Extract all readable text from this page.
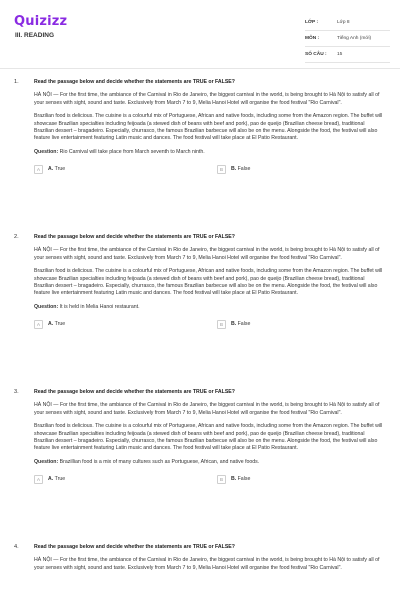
Quizizz
III. READING
LỚP :	Lớp 8
MÔN :	Tiếng Anh (mới)
SỐ CÂU :	15
1.	Read the passage below and decide whether the statements are TRUE or FALSE?
HÀ NỘI — For the first time, the ambiance of the Carnival in Rio de Janeiro, the biggest carnival in the world, is being brought to Hà Nội to satisfy all of your senses with sight, sound and taste. Exclusively from March 7 to 9, Melia Hanoi Hotel will organise the food festival "Rio Carnival".
Brazilian food is delicious. The cuisine is a colourful mix of Portuguese, African and native foods, including some from the Amazon region. The buffet will showcase Brazilian specialties including feijoada (a stewed dish of beans with beef and pork), pao de queijo (Brazilian cheese bread), traditional Brazilian dessert – bragadeiro. Especially, churrasco, the famous Brazilian barbecue will also be on the menu. Alongside the food, the festival will also feature live entertainment featuring Latin music and dances. The food festival will take place at El Patio Restaurant.
Question: Rio Carnival will take place from March seventh to March ninth.
A	A. True	B	B. False
2.	Read the passage below and decide whether the statements are TRUE or FALSE?
HÀ NỘI — For the first time, the ambiance of the Carnival in Rio de Janeiro, the biggest carnival in the world, is being brought to Hà Nội to satisfy all of your senses with sight, sound and taste. Exclusively from March 7 to 9, Melia Hanoi Hotel will organise the food festival "Rio Carnival".
Brazilian food is delicious. The cuisine is a colourful mix of Portuguese, African and native foods, including some from the Amazon region. The buffet will showcase Brazilian specialties including feijoada (a stewed dish of beans with beef and pork), pao de queijo (Brazilian cheese bread), traditional Brazilian dessert – bragadeiro. Especially, churrasco, the famous Brazilian barbecue will also be on the menu. Alongside the food, the festival will also feature live entertainment featuring Latin music and dances. The food festival will take place at El Patio Restaurant.
Question: It is held in Melia Hanoi restaurant.
A	A. True	B	B. False
3.	Read the passage below and decide whether the statements are TRUE or FALSE?
HÀ NỘI — For the first time, the ambiance of the Carnival in Rio de Janeiro, the biggest carnival in the world, is being brought to Hà Nội to satisfy all of your senses with sight, sound and taste. Exclusively from March 7 to 9, Melia Hanoi Hotel will organise the food festival "Rio Carnival".
Brazilian food is delicious. The cuisine is a colourful mix of Portuguese, African and native foods, including some from the Amazon region. The buffet will showcase Brazilian specialties including feijoada (a stewed dish of beans with beef and pork), pao de queijo (Brazilian cheese bread), traditional Brazilian dessert – bragadeiro. Especially, churrasco, the famous Brazilian barbecue will also be on the menu. Alongside the food, the festival will also feature live entertainment featuring Latin music and dances. The food festival will take place at El Patio Restaurant.
Question: Brazillian food is a mix of many cultures such as Portuguese, African, and native foods.
A	A. True	B	B. False
4.	Read the passage below and decide whether the statements are TRUE or FALSE?
HÀ NỘI — For the first time, the ambiance of the Carnival in Rio de Janeiro, the biggest carnival in the world, is being brought to Hà Nội to satisfy all of your senses with sight, sound and taste. Exclusively from March 7 to 9, Melia Hanoi Hotel will organise the food festival "Rio Carnival".
